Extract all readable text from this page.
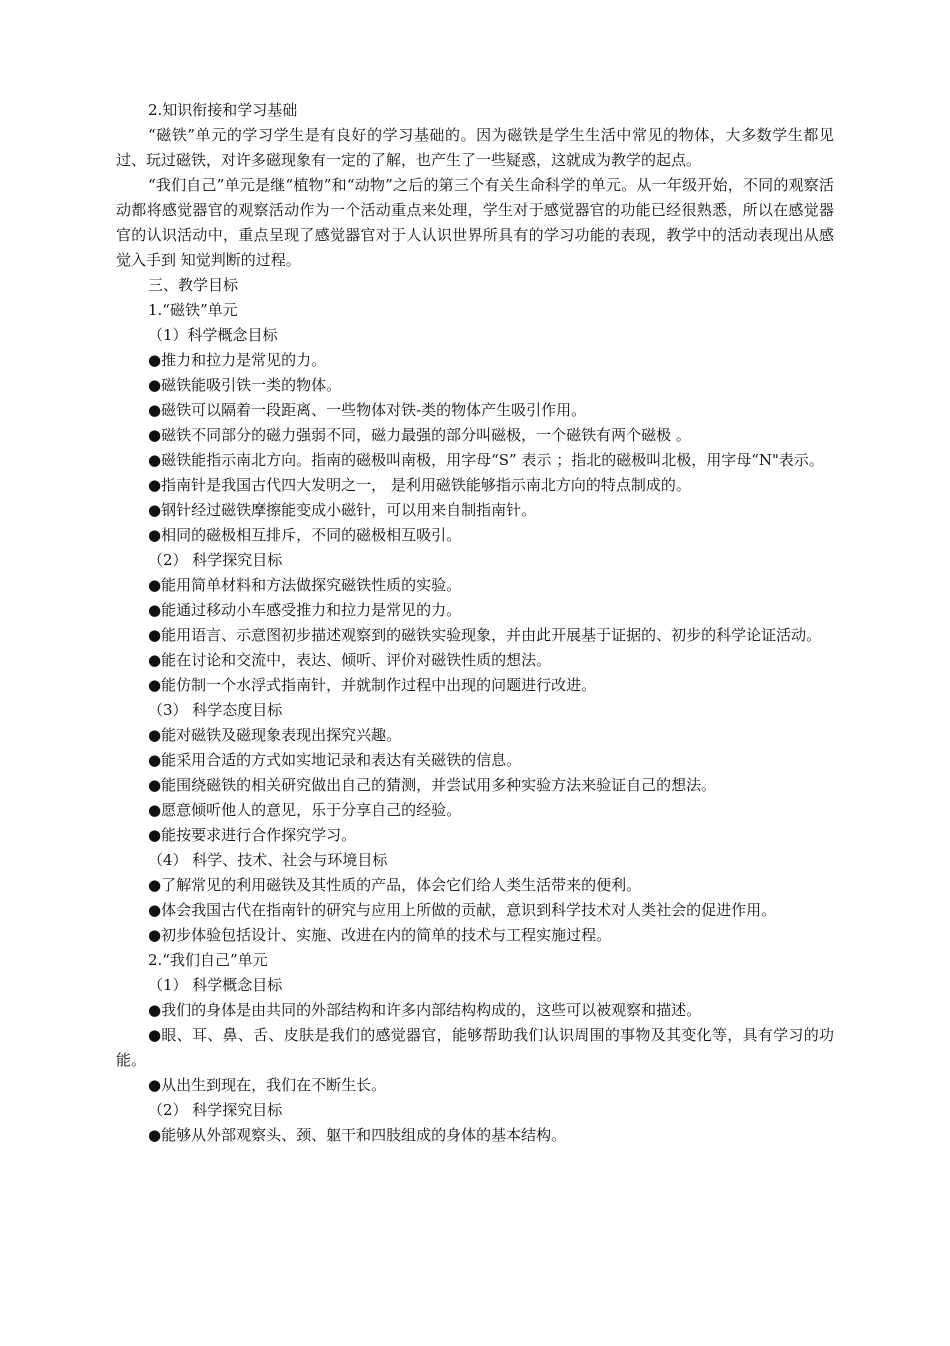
2.知识衔接和学习基础

“磁铁”单元的学习学生是有良好的学习基础的。因为磁铁是学生生活中常见的物体，大多数学生都见过、玩过磁铁，对许多磁现象有一定的了解，也产生了一些疑惑，这就成为教学的起点。

“我们自己”单元是继“植物”和“动物”之后的第三个有关生命科学的单元。从一年级开始，不同的观察活动都将感觉器官的观察活动作为一个活动重点来处理，学生对于感觉器官的功能已经很熟悉，所以在感觉器官的认识活动中，重点呈现了感觉器官对于人认识世界所具有的学习功能的表现，教学中的活动表现出从感觉入手到 知觉判断的过程。

三、教学目标

1.“磁铁”单元

（1）科学概念目标

●推力和拉力是常见的力。

●磁铁能吸引铁一类的物体。

●磁铁可以隔着一段距离、一些物体对铁-类的物体产生吸引作用。

●磁铁不同部分的磁力强弱不同，磁力最强的部分叫磁极，一个磁铁有两个磁极 。

●磁铁能指示南北方向。指南的磁极叫南极，用字母“S” 表示 ；指北的磁极叫北极，用字母“N"表示。

●指南针是我国古代四大发明之一， 是利用磁铁能够指示南北方向的特点制成的。

●钢针经过磁铁摩擦能变成小磁针，可以用来自制指南针。

●相同的磁极相互排斥，不同的磁极相互吸引。

（2） 科学探究目标

●能用简单材料和方法做探究磁铁性质的实验。

●能通过移动小车感受推力和拉力是常见的力。

●能用语言、示意图初步描述观察到的磁铁实验现象，并由此开展基于证据的、初步的科学论证活动。

●能在讨论和交流中，表达、倾听、评价对磁铁性质的想法。

●能仿制一个水浮式指南针，并就制作过程中出现的问题进行改进。

（3） 科学态度目标

●能对磁铁及磁现象表现出探究兴趣。

●能采用合适的方式如实地记录和表达有关磁铁的信息。

●能围绕磁铁的相关研究做出自己的猜测，并尝试用多种实验方法来验证自己的想法。

●愿意倾听他人的意见，乐于分享自己的经验。

●能按要求进行合作探究学习。

（4） 科学、技术、社会与环境目标

●了解常见的利用磁铁及其性质的产品，体会它们给人类生活带来的便利。

●体会我国古代在指南针的研究与应用上所做的贡献，意识到科学技术对人类社会的促进作用。

●初步体验包括设计、实施、改进在内的简单的技术与工程实施过程。

2.“我们自己”单元

（1） 科学概念目标

●我们的身体是由共同的外部结构和许多内部结构构成的，这些可以被观察和描述。

●眼、耳、鼻、舌、皮肤是我们的感觉器官，能够帮助我们认识周围的事物及其变化等，具有学习的功能。

●从出生到现在，我们在不断生长。

（2） 科学探究目标

●能够从外部观察头、颈、躯干和四肢组成的身体的基本结构。
